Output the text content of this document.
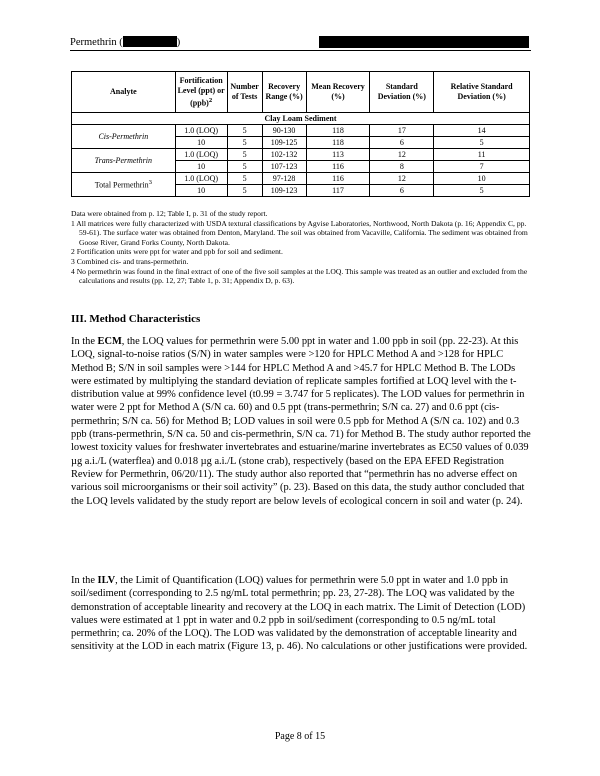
Permethrin (	)
Analyte	Fortification Level (ppt) or (ppb)$^2$	Number of Tests	Recovery Range (%)	Mean Recovery (%)	Standard Deviation (%)	Relative Standard Deviation (%)
Clay Loam Sediment						
Cis-Permethrin	1.0 (LOQ)	5	90-130	118	17	14
	10	5	109-125	118	6	5
Trans-Permethrin	1.0 (LOQ)	5	102-132	113	12	11
	10	5	107-123	116	8	7
Total Permethrin$^3$	1.0 (LOQ)	5	97-128	116	12	10
	10	5	109-123	117	6	5

Data were obtained from p. 12; Table I, p. 31 of the study report.

1 All matrices were fully characterized with USDA textural classifications by Agvise Laboratories, Northwood, North Dakota (p. 16; Appendix C, pp. 59-61). The surface water was obtained from Denton, Maryland. The soil was obtained from Vacaville, California. The sediment was obtained from Goose River, Grand Forks County, North Dakota.

2 Fortification units were ppt for water and ppb for soil and sediment.

3 Combined cis- and trans-permethrin.

4 No permethrin was found in the final extract of one of the five soil samples at the LOQ. This sample was treated as an outlier and excluded from the calculations and results (pp. 12, 27; Table 1, p. 31; Appendix D, p. 63).

III. Method Characteristics

In the ECM, the LOQ values for permethrin were 5.00 ppt in water and 1.00 ppb in soil (pp. 22-23). At this LOQ, signal-to-noise ratios (S/N) in water samples were >120 for HPLC Method A and >128 for HPLC Method B; S/N in soil samples were >144 for HPLC Method A and >45.7 for HPLC Method B. The LODs were estimated by multiplying the standard deviation of replicate samples fortified at LOQ level with the t-distribution value at 99% confidence level (t0.99 = 3.747 for 5 replicates). The LOD values for permethrin in water were 2 ppt for Method A (S/N ca. 60) and 0.5 ppt (trans-permethrin; S/N ca. 27) and 0.6 ppt (cis-permethrin; S/N ca. 56) for Method B; LOD values in soil were 0.5 ppb for Method A (S/N ca. 102) and 0.3 ppb (trans-permethrin, S/N ca. 50 and cis-permethrin, S/N ca. 71) for Method B. The study author reported the lowest toxicity values for freshwater invertebrates and estuarine/marine invertebrates as EC50 values of 0.039 µg a.i./L (waterflea) and 0.018 µg a.i./L (stone crab), respectively (based on the EPA EFED Registration Review for Permethrin, 06/20/11). The study author also reported that “permethrin has no adverse effect on various soil microorganisms or their soil activity” (p. 23). Based on this data, the study author concluded that the LOQ levels validated by the study report are below levels of ecological concern in soil and water (p. 24).

In the ILV, the Limit of Quantification (LOQ) values for permethrin were 5.0 ppt in water and 1.0 ppb in soil/sediment (corresponding to 2.5 ng/mL total permethrin; pp. 23, 27-28). The LOQ was validated by the demonstration of acceptable linearity and recovery at the LOQ in each matrix. The Limit of Detection (LOD) values were estimated at 1 ppt in water and 0.2 ppb in soil/sediment (corresponding to 0.5 ng/mL total permethrin; ca. 20% of the LOQ). The LOD was validated by the demonstration of acceptable linearity and sensitivity at the LOD in each matrix (Figure 13, p. 46). No calculations or other justifications were provided.

Page 8 of 15
